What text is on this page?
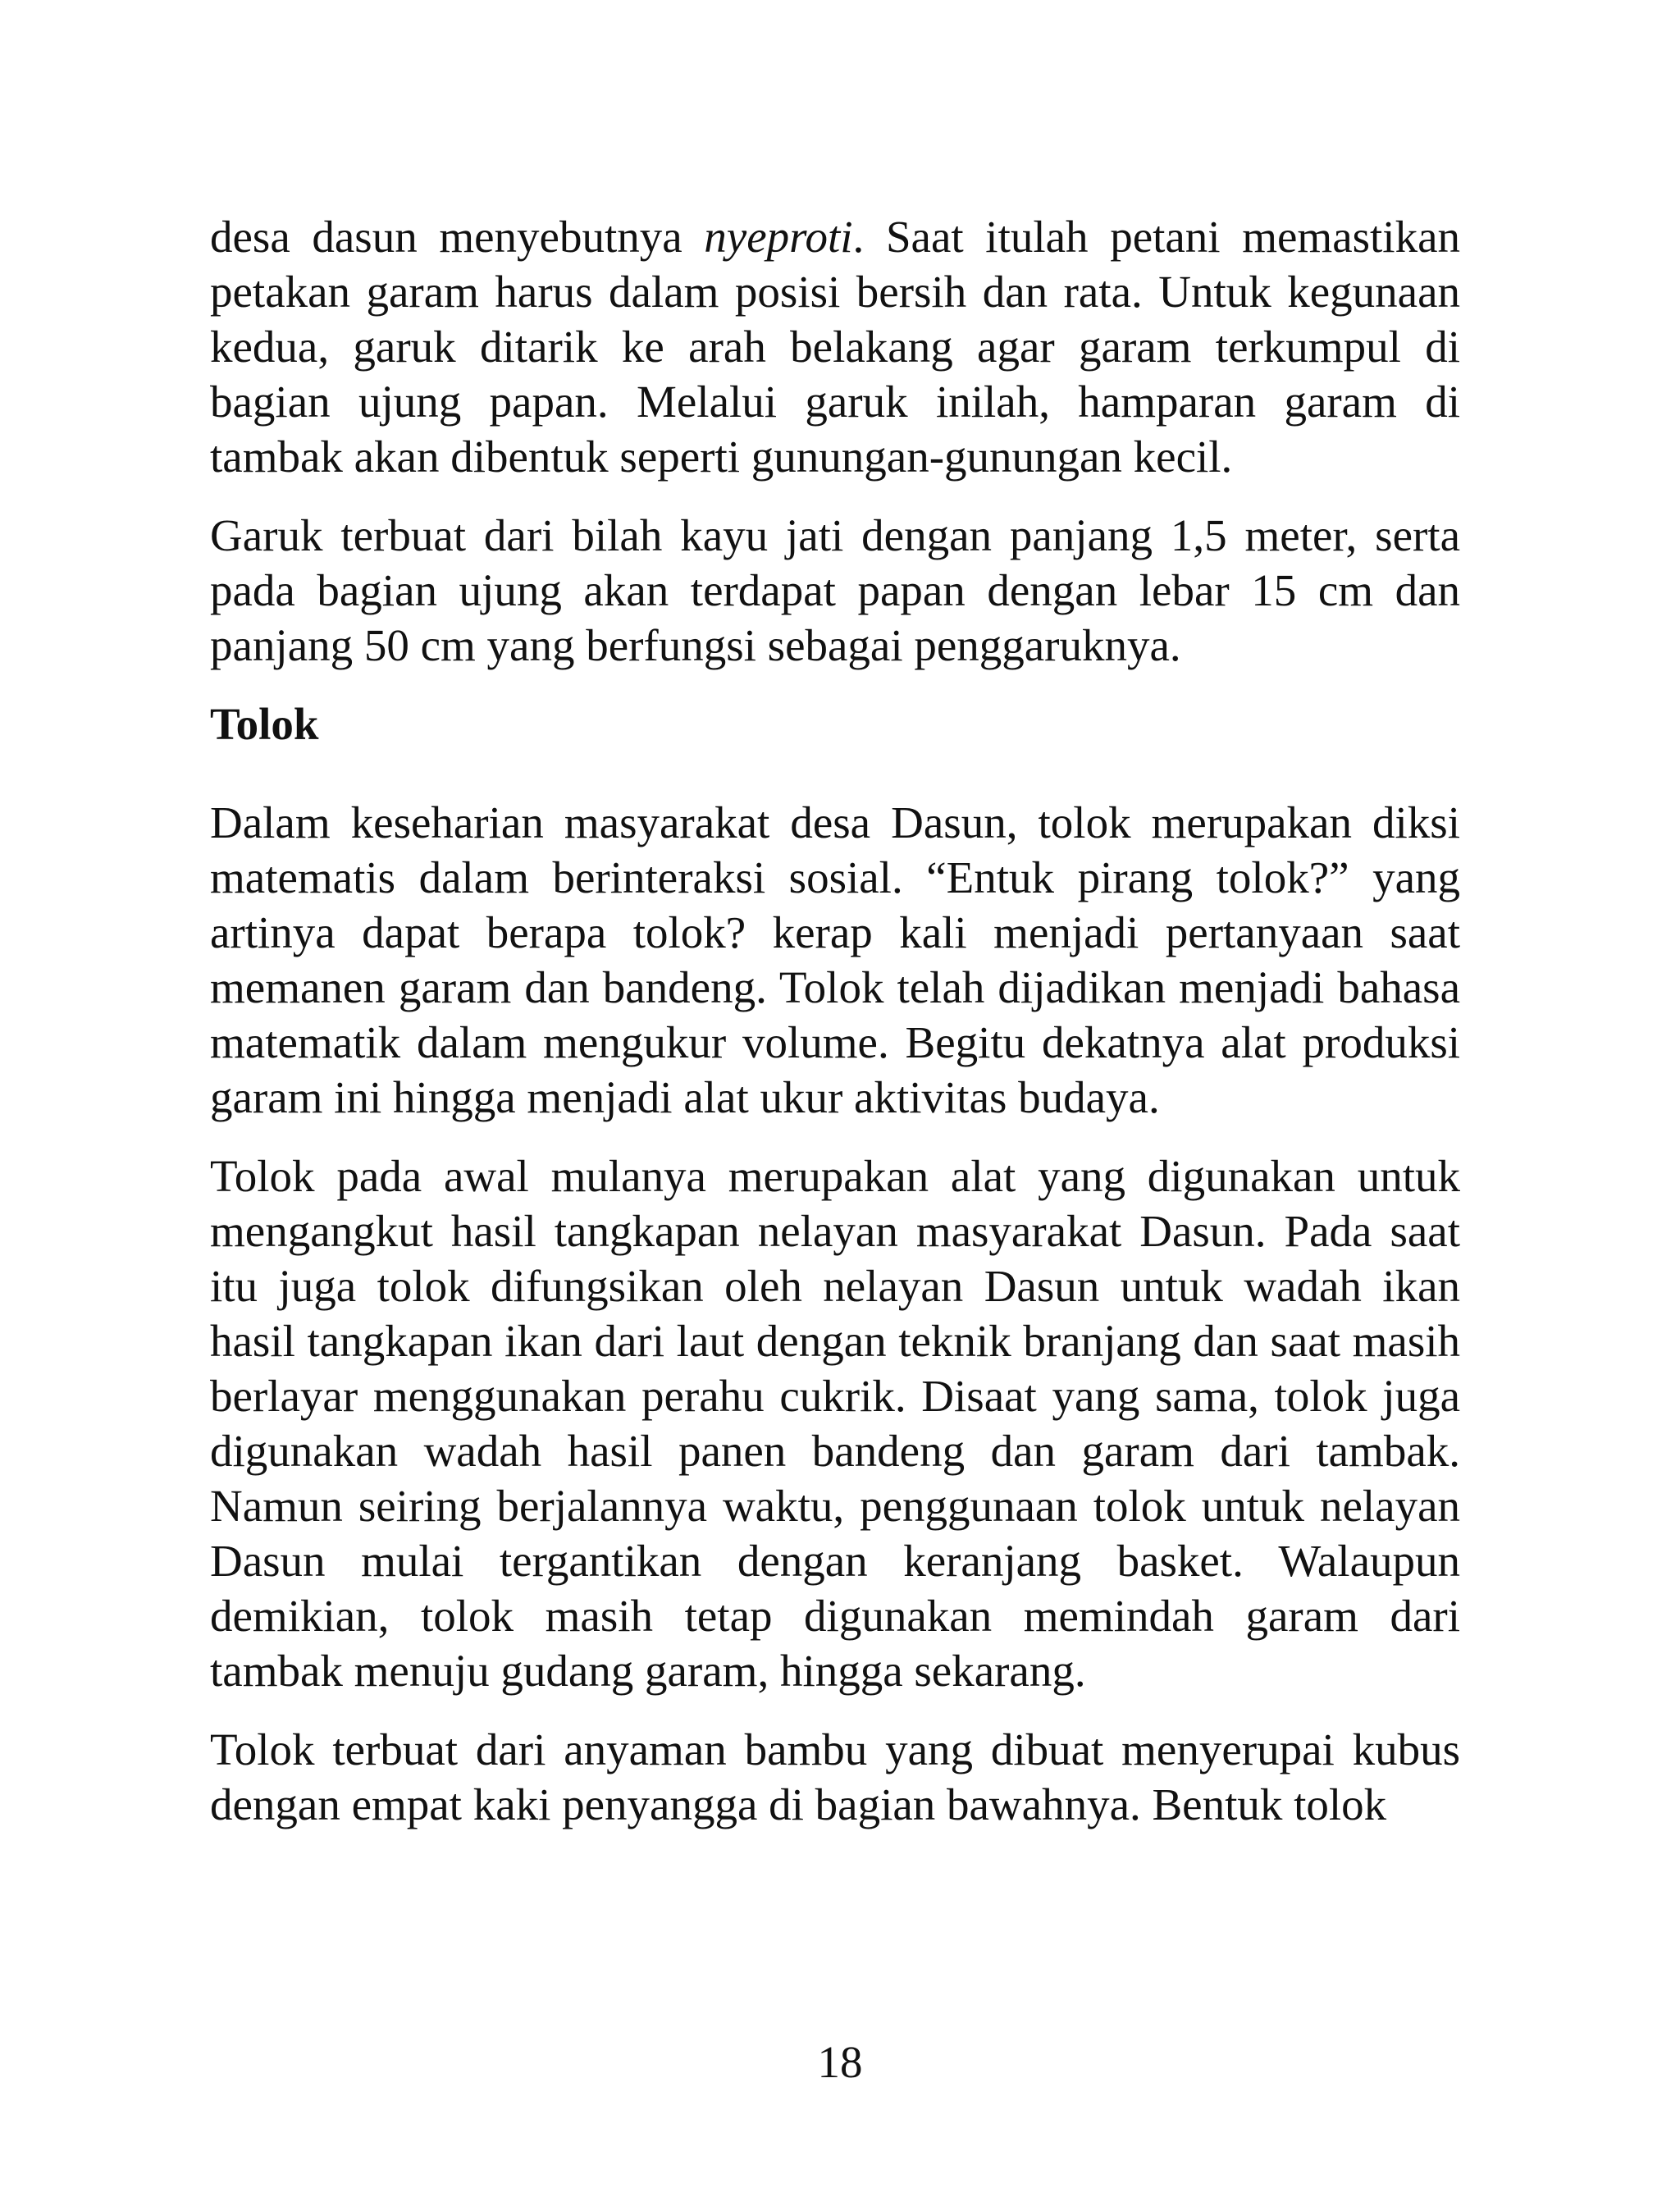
desa dasun menyebutnya nyeproti. Saat itulah petani memastikan petakan garam harus dalam posisi bersih dan rata. Untuk kegunaan kedua, garuk ditarik ke arah belakang agar garam terkumpul di bagian ujung papan. Melalui garuk inilah, hamparan garam di tambak akan dibentuk seperti gunungan-gunungan kecil.

Garuk terbuat dari bilah kayu jati dengan panjang 1,5 meter, serta pada bagian ujung akan terdapat papan dengan lebar 15 cm dan panjang 50 cm yang berfungsi sebagai penggaruknya.

Tolok

Dalam keseharian masyarakat desa Dasun, tolok merupakan diksi matematis dalam berinteraksi sosial. “Entuk pirang tolok?” yang artinya dapat berapa tolok? kerap kali menjadi pertanyaan saat memanen garam dan bandeng. Tolok telah dijadikan menjadi bahasa matematik dalam mengukur volume. Begitu dekatnya alat produksi garam ini hingga menjadi alat ukur aktivitas budaya.

Tolok pada awal mulanya merupakan alat yang digunakan untuk mengangkut hasil tangkapan nelayan masyarakat Dasun. Pada saat itu juga tolok difungsikan oleh nelayan Dasun untuk wadah ikan hasil tangkapan ikan dari laut dengan teknik branjang dan saat masih berlayar menggunakan perahu cukrik. Disaat yang sama, tolok juga digunakan wadah hasil panen bandeng dan garam dari tambak. Namun seiring berjalannya waktu, penggunaan tolok untuk nelayan Dasun mulai tergantikan dengan keranjang basket. Walaupun demikian, tolok masih tetap digunakan memindah garam dari tambak menuju gudang garam, hingga sekarang.

Tolok terbuat dari anyaman bambu yang dibuat menyerupai kubus dengan empat kaki penyangga di bagian bawahnya. Bentuk tolok

18
